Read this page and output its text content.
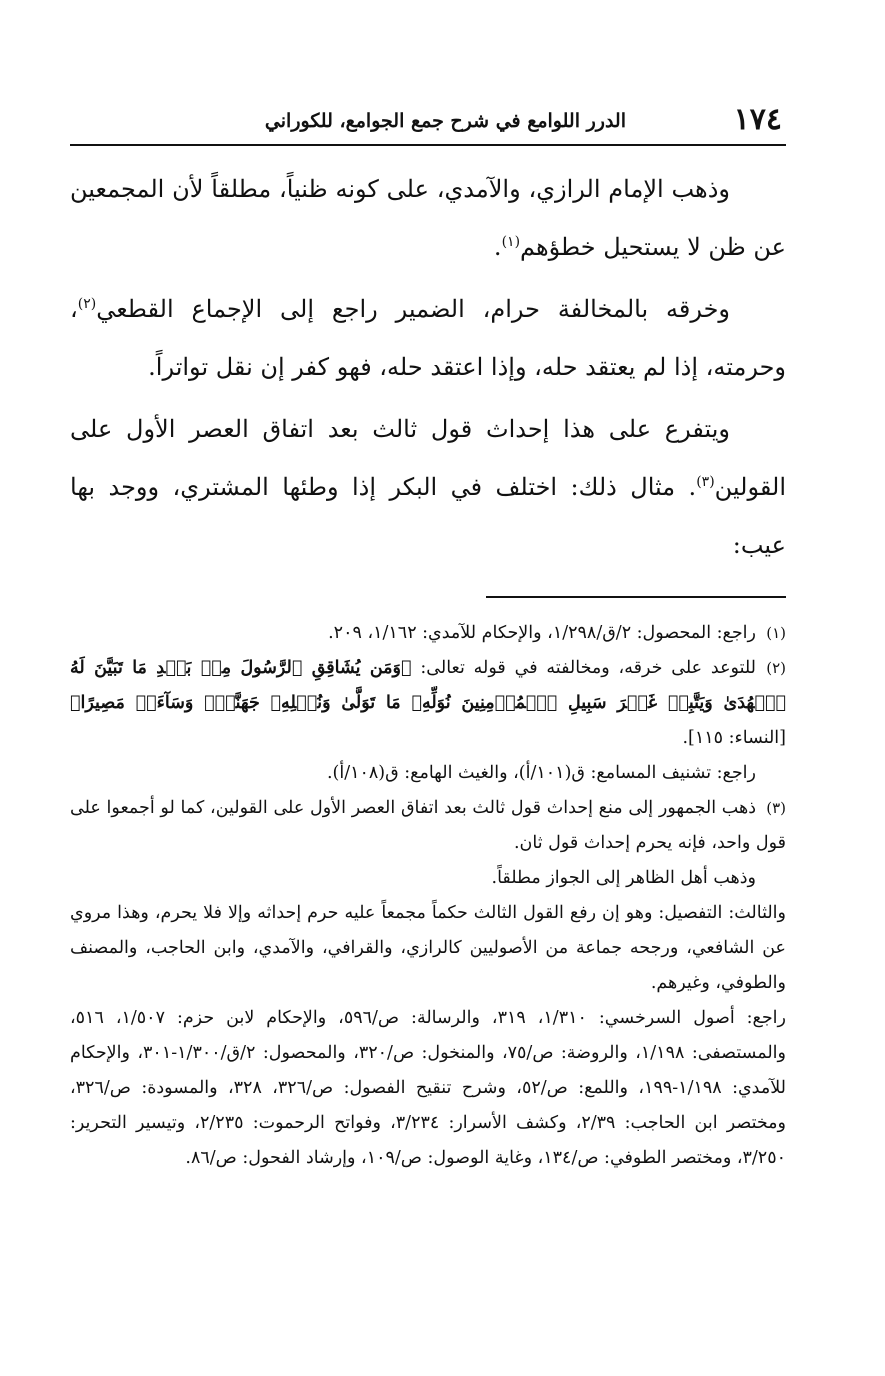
١٧٤
الدرر اللوامع في شرح جمع الجوامع، للكوراني

وذهب الإمام الرازي، والآمدي، على كونه ظنياً، مطلقاً لأن المجمعين عن ظن لا يستحيل خطؤهم$^{(١)}$.

وخرقه بالمخالفة حرام، الضمير راجع إلى الإجماع القطعي$^{(٢)}$، وحرمته، إذا لم يعتقد حله، وإذا اعتقد حله، فهو كفر إن نقل تواتراً.

ويتفرع على هذا إحداث قول ثالث بعد اتفاق العصر الأول على القولين$^{(٣)}$. مثال ذلك: اختلف في البكر إذا وطئها المشتري، ووجد بها عيب:

(١)راجع: المحصول: ٢/ق/١/٢٩٨، والإحكام للآمدي: ١/١٦٢، ٢٠٩.

(٢)للتوعد على خرقه، ومخالفته في قوله تعالى: ﴿وَمَن يُشَاقِقِ ٱلرَّسُولَ مِنۢ بَعۡدِ مَا تَبَيَّنَ لَهُ ٱلۡهُدَىٰ وَيَتَّبِعۡ غَيۡرَ سَبِيلِ ٱلۡمُؤۡمِنِينَ نُوَلِّهِۦ مَا تَوَلَّىٰ وَنُصۡلِهِۦ جَهَنَّمَۖ وَسَآءَتۡ مَصِيرًا﴾ [النساء: ١١٥].

راجع: تشنيف المسامع: ق(١٠١/أ)، والغيث الهامع: ق(١٠٨/أ).

(٣)ذهب الجمهور إلى منع إحداث قول ثالث بعد اتفاق العصر الأول على القولين، كما لو أجمعوا على قول واحد، فإنه يحرم إحداث قول ثان.

وذهب أهل الظاهر إلى الجواز مطلقاً.

والثالث: التفصيل: وهو إن رفع القول الثالث حكماً مجمعاً عليه حرم إحداثه وإلا فلا يحرم، وهذا مروي عن الشافعي، ورجحه جماعة من الأصوليين كالرازي، والقرافي، والآمدي، وابن الحاجب، والمصنف والطوفي، وغيرهم.

راجع: أصول السرخسي: ١/٣١٠، ٣١٩، والرسالة: ص/٥٩٦، والإحكام لابن حزم: ١/٥٠٧، ٥١٦، والمستصفى: ١/١٩٨، والروضة: ص/٧٥، والمنخول: ص/٣٢٠، والمحصول: ٢/ق/١/٣٠٠-٣٠١، والإحكام للآمدي: ١/١٩٨-١٩٩، واللمع: ص/٥٢، وشرح تنقيح الفصول: ص/٣٢٦، ٣٢٨، والمسودة: ص/٣٢٦، ومختصر ابن الحاجب: ٢/٣٩، وكشف الأسرار: ٣/٢٣٤، وفواتح الرحموت: ٢/٢٣٥، وتيسير التحرير: ٣/٢٥٠، ومختصر الطوفي: ص/١٣٤، وغاية الوصول: ص/١٠٩، وإرشاد الفحول: ص/٨٦.
